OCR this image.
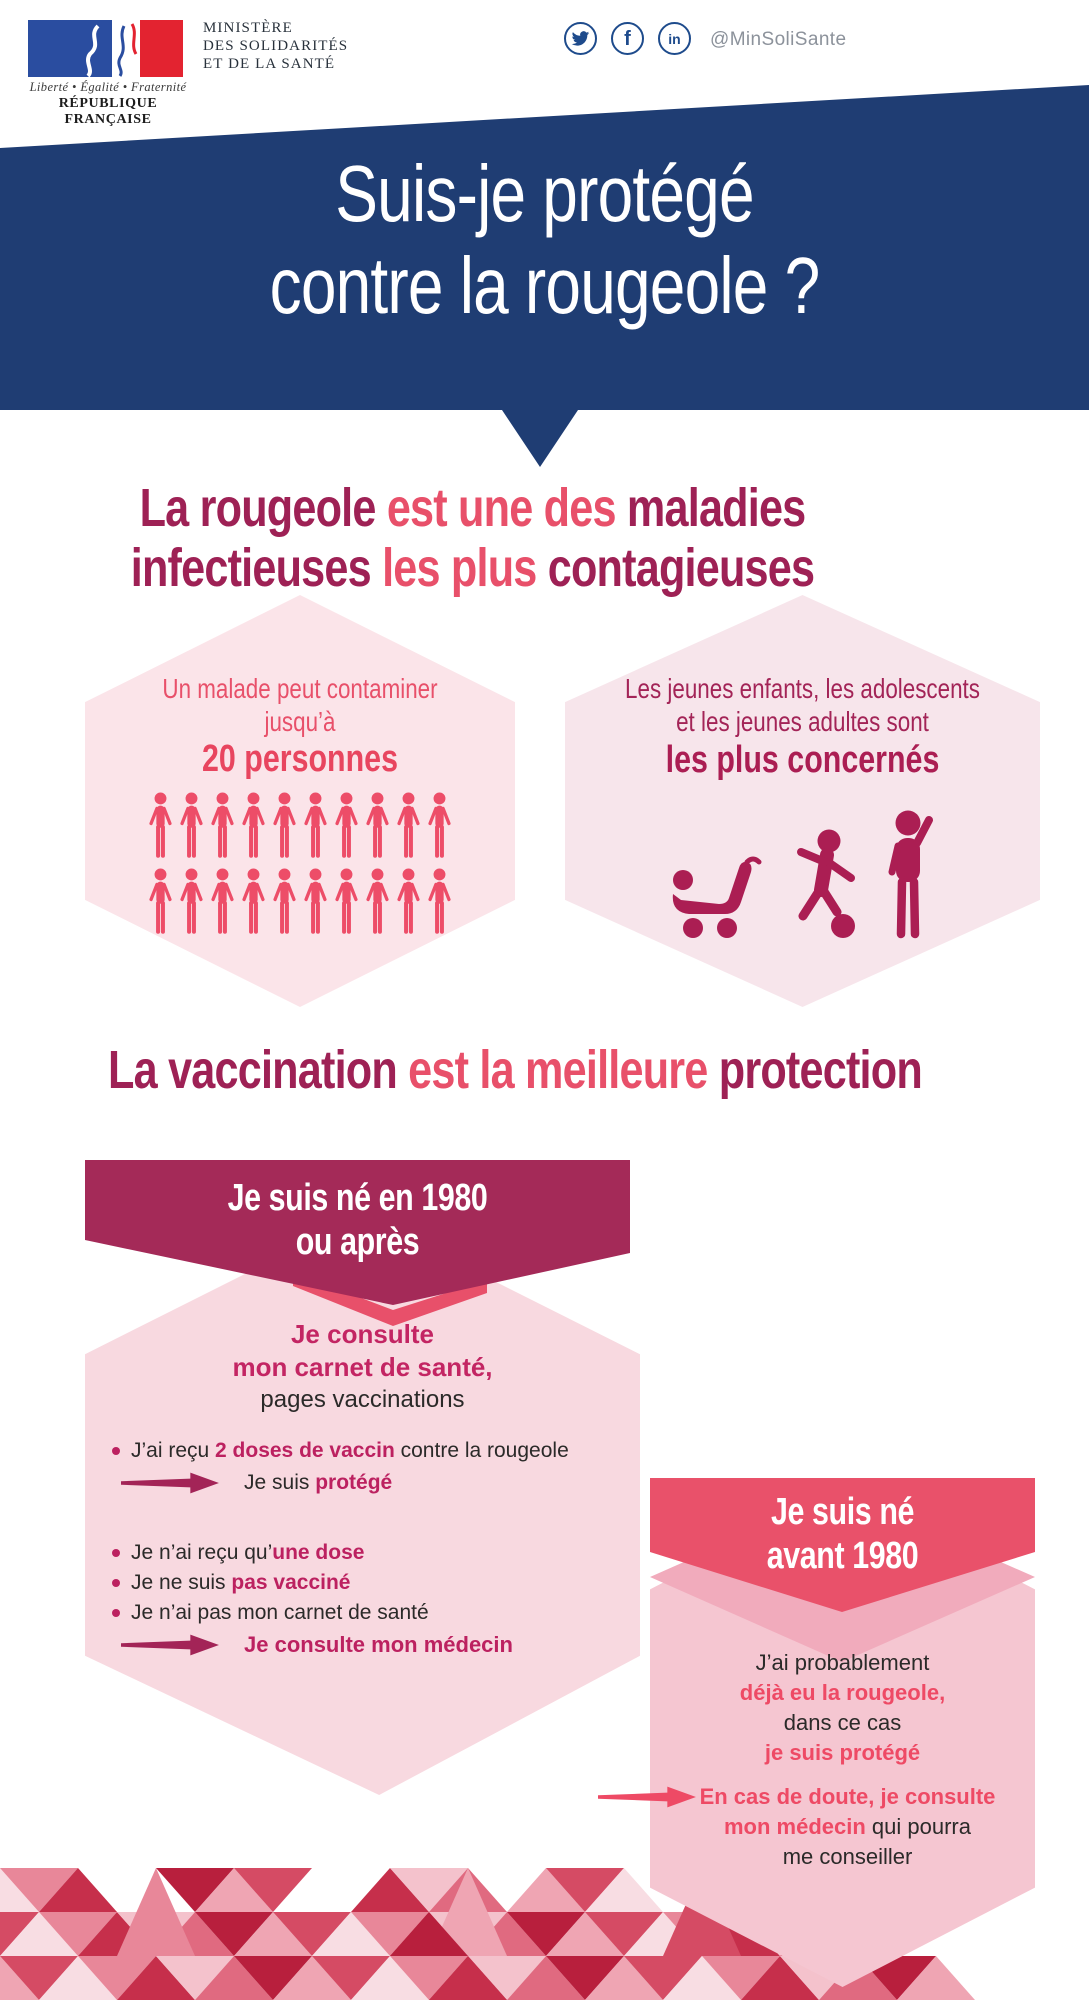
Liberté • Égalité • Fraternité
RÉPUBLIQUE FRANÇAISE
MINISTÈRE
DES SOLIDARITÉS
ET DE LA SANTÉ
f	in @MinSoliSante
Suis-je protégé
contre la rougeole ?
La rougeole est une des maladies
infectieuses les plus contagieuses
Un malade peut contaminer jusqu’à
20 personnes
Les jeunes enfants, les adolescents
et les jeunes adultes sont
les plus concernés
La vaccination est la meilleure protection
Je suis né en 1980
ou après
Je consulte
mon carnet de santé,
pages vaccinations
J’ai reçu 2 doses de vaccin contre la rougeole
Je suis protégé
Je n’ai reçu qu’une dose
Je ne suis pas vacciné
Je n’ai pas mon carnet de santé
Je consulte mon médecin
Je suis né
avant 1980
J’ai probablement
déjà eu la rougeole,
dans ce cas
je suis protégé
En cas de doute, je consulte
mon médecin qui pourra
me conseiller
